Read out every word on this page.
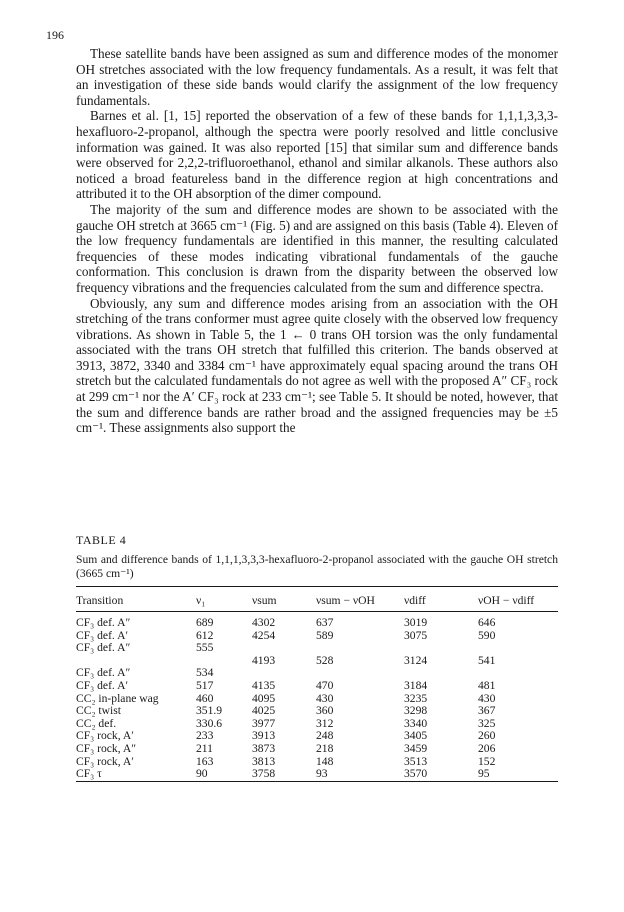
196

These satellite bands have been assigned as sum and difference modes of the monomer OH stretches associated with the low frequency fundamentals. As a result, it was felt that an investigation of these side bands would clarify the assignment of the low frequency fundamentals.

Barnes et al. [1, 15] reported the observation of a few of these bands for 1,1,1,3,3,3-hexafluoro-2-propanol, although the spectra were poorly resolved and little conclusive information was gained. It was also reported [15] that similar sum and difference bands were observed for 2,2,2-trifluoroethanol, ethanol and similar alkanols. These authors also noticed a broad featureless band in the difference region at high concentrations and attributed it to the OH absorption of the dimer compound.

The majority of the sum and difference modes are shown to be associated with the gauche OH stretch at 3665 cm⁻¹ (Fig. 5) and are assigned on this basis (Table 4). Eleven of the low frequency fundamentals are identified in this manner, the resulting calculated frequencies of these modes indicating vibrational fundamentals of the gauche conformation. This conclusion is drawn from the disparity between the observed low frequency vibrations and the frequencies calculated from the sum and difference spectra.

Obviously, any sum and difference modes arising from an association with the OH stretching of the trans conformer must agree quite closely with the observed low frequency vibrations. As shown in Table 5, the 1 ← 0 trans OH torsion was the only fundamental associated with the trans OH stretch that fulfilled this criterion. The bands observed at 3913, 3872, 3340 and 3384 cm⁻¹ have approximately equal spacing around the trans OH stretch but the calculated fundamentals do not agree as well with the proposed A″ CF₃ rock at 299 cm⁻¹ nor the A′ CF₃ rock at 233 cm⁻¹; see Table 5. It should be noted, however, that the sum and difference bands are rather broad and the assigned frequencies may be ±5 cm⁻¹. These assignments also support the

TABLE 4
Sum and difference bands of 1,1,1,3,3,3-hexafluoro-2-propanol associated with the gauche OH stretch (3665 cm⁻¹)
Transition	ν₁	νsum	νsum − νOH	νdiff	νOH − νdiff
CF₃ def. A″	689	4302	637	3019	646
CF₃ def. A′	612	4254	589	3075	590
CF₃ def. A″	555				
		4193	528	3124	541
CF₃ def. A″	534				
CF₃ def. A′	517	4135	470	3184	481
CC₂ in-plane wag	460	4095	430	3235	430
CC₂ twist	351.9	4025	360	3298	367
CC₂ def.	330.6	3977	312	3340	325
CF₃ rock, A′	233	3913	248	3405	260
CF₃ rock, A″	211	3873	218	3459	206
CF₃ rock, A′	163	3813	148	3513	152
CF₃ τ	90	3758	93	3570	95
